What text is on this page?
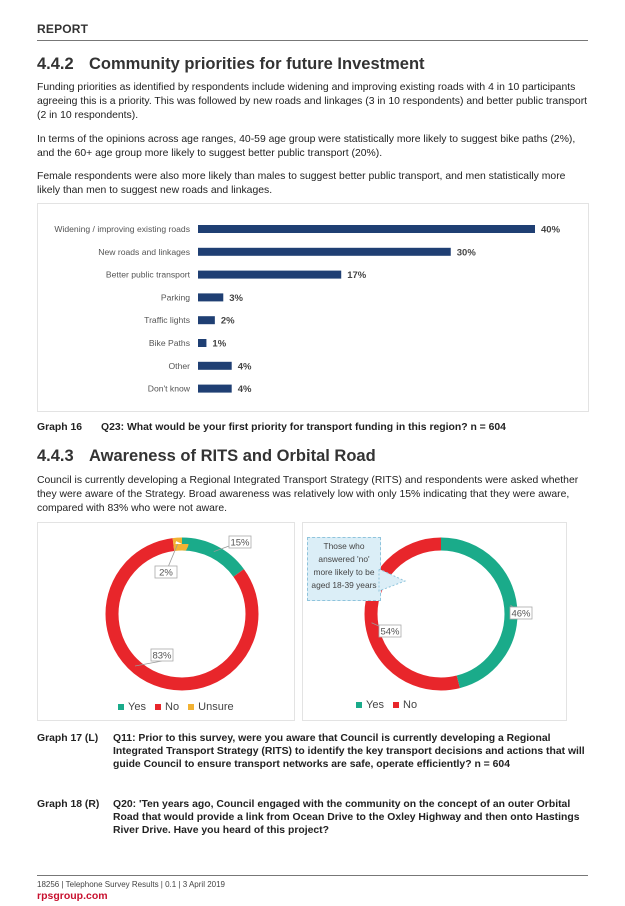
REPORT
4.4.2 Community priorities for future Investment
Funding priorities as identified by respondents include widening and improving existing roads with 4 in 10 participants agreeing this is a priority. This was followed by new roads and linkages (3 in 10 respondents) and better public transport (2 in 10 respondents).
In terms of the opinions across age ranges, 40-59 age group were statistically more likely to suggest bike paths (2%), and the 60+ age group more likely to suggest better public transport (20%).
Female respondents were also more likely than males to suggest better public transport, and men statistically more likely than men to suggest new roads and linkages.
Widening / improving existing roads	40%
New roads and linkages	30%
Better public transport	17%
Parking	3%
Traffic lights	2%
Bike Paths 1%
Other	4%
Don't know	4%
Graph 16 Q23: What would be your first priority for transport funding in this region? n = 604
4.4.3 Awareness of RITS and Orbital Road
Council is currently developing a Regional Integrated Transport Strategy (RITS) and respondents were asked whether they were aware of the Strategy. Broad awareness was relatively low with only 15% indicating that they were aware, compared with 83% who were not aware.
15%
83%
2%
Yes No Unsure
46%
54%
Those who answered 'no' more likely to be aged 18-39 years
Yes No
Graph 17 (L) Q11: Prior to this survey, were you aware that Council is currently developing a Regional Integrated Transport Strategy (RITS) to identify the key transport decisions and actions that will guide Council to ensure transport networks are safe, operate efficiently? n = 604
Graph 18 (R) Q20: 'Ten years ago, Council engaged with the community on the concept of an outer Orbital Road that would provide a link from Ocean Drive to the Oxley Highway and then onto Hastings River Drive. Have you heard of this project?
18256 | Telephone Survey Results | 0.1 | 3 April 2019
rpsgroup.com
